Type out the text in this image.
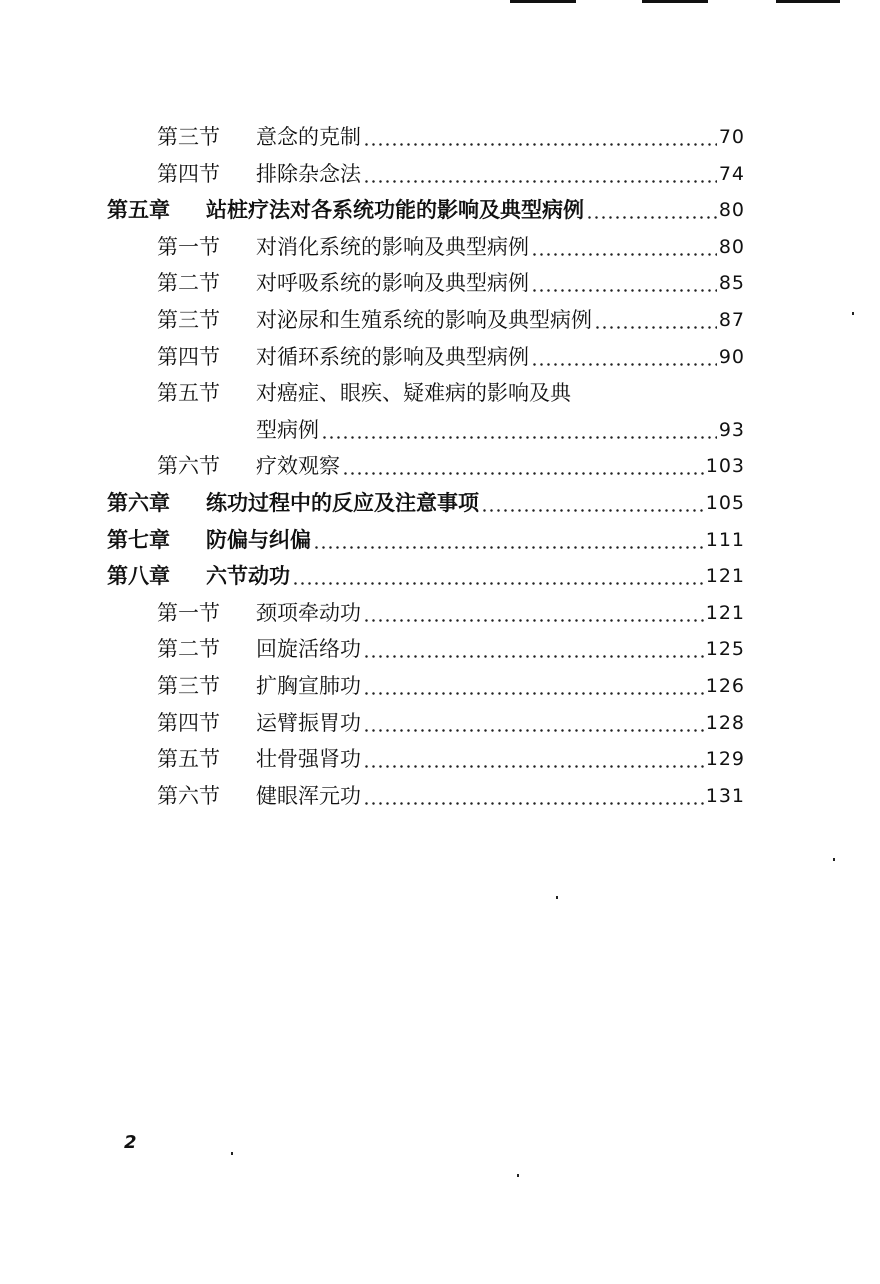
第三节	意念的克制	70
第四节	排除杂念法	74
第五章	站桩疗法对各系统功能的影响及典型病例	80
第一节	对消化系统的影响及典型病例	80
第二节	对呼吸系统的影响及典型病例	85
第三节	对泌尿和生殖系统的影响及典型病例	87
第四节	对循环系统的影响及典型病例	90
第五节	对癌症、眼疾、疑难病的影响及典
型病例	93
第六节	疗效观察	103
第六章	练功过程中的反应及注意事项	105
第七章	防偏与纠偏	111
第八章	六节动功	121
第一节	颈项牵动功	121
第二节	回旋活络功	125
第三节	扩胸宣肺功	126
第四节	运臂振胃功	128
第五节	壮骨强肾功	129
第六节	健眼浑元功	131
2
